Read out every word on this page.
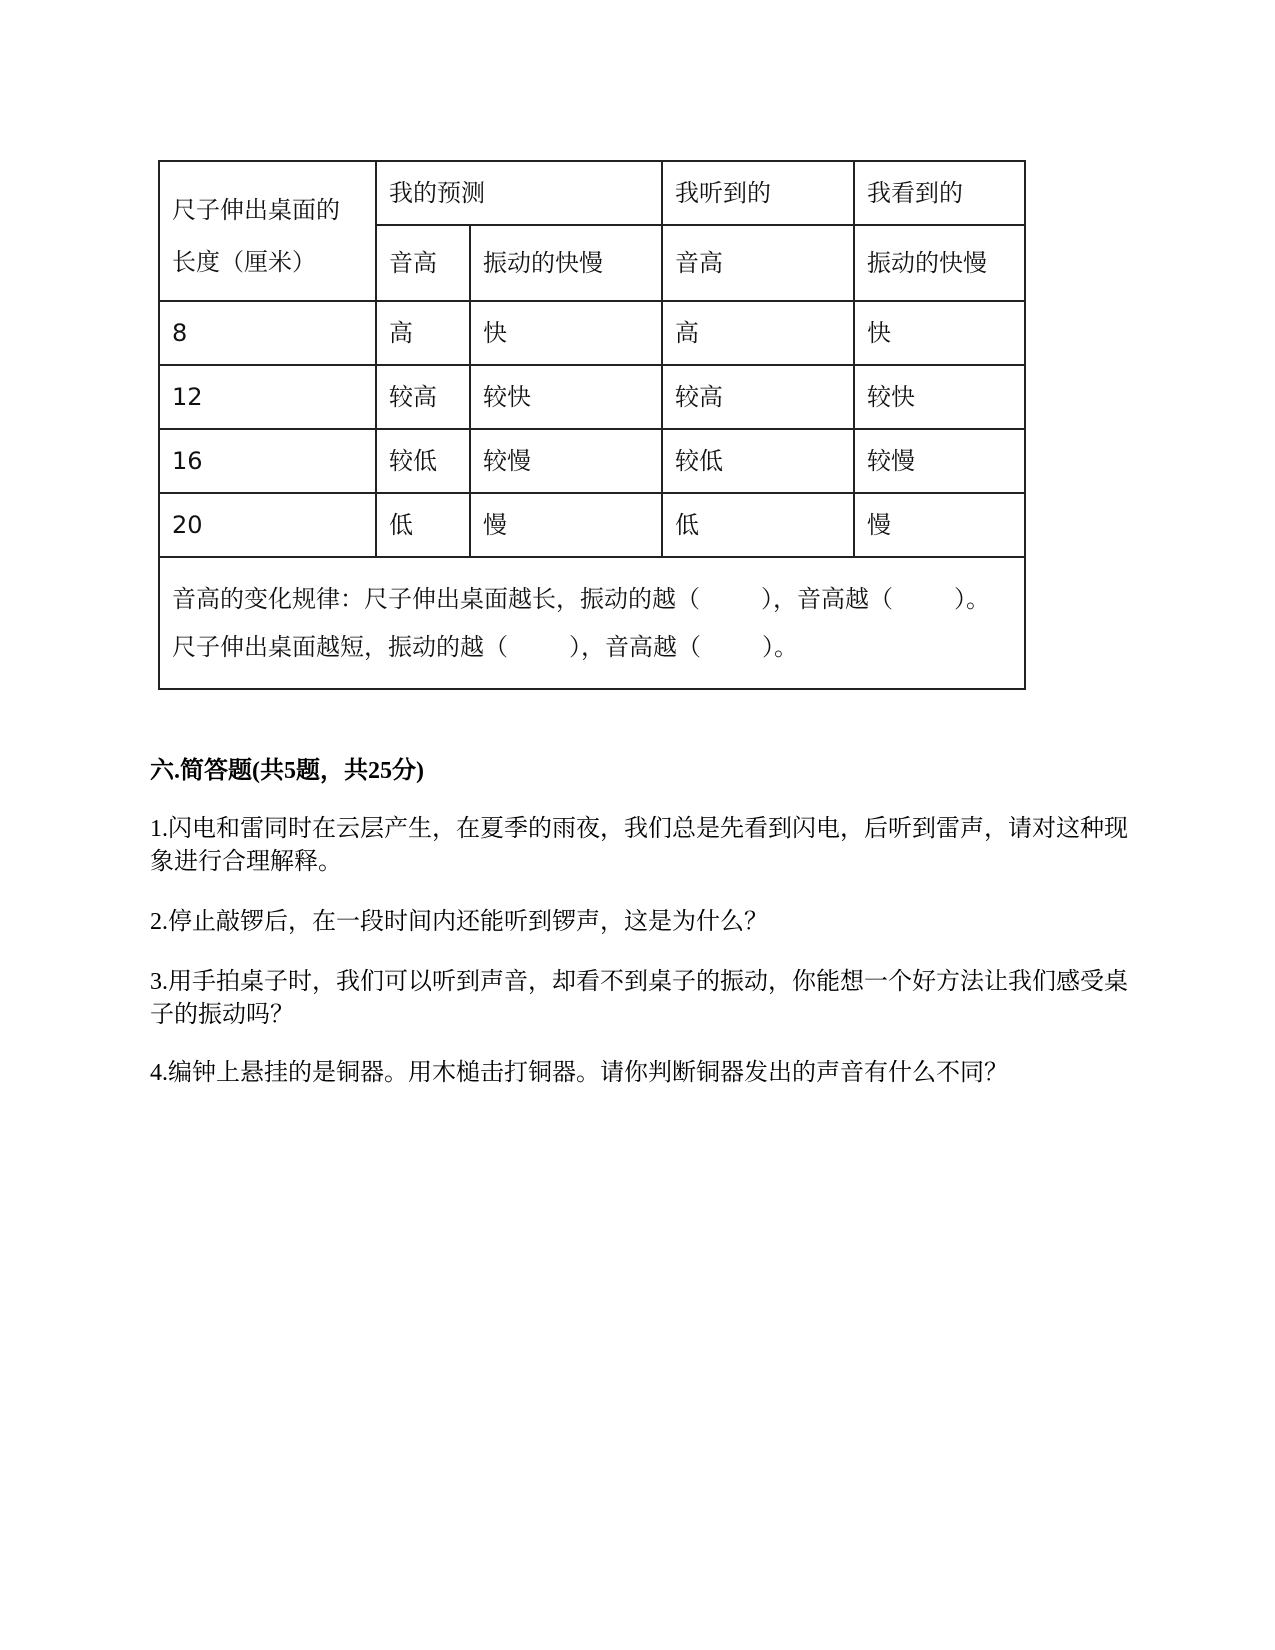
尺子伸出桌面的
长度（厘米）	我的预测		我听到的	我看到的
	音高	振动的快慢	音高	振动的快慢
8	高	快	高	快
12	较高	较快	较高	较快
16	较低	较慢	较低	较慢
20	低	慢	低	慢

音高的变化规律：尺子伸出桌面越长，振动的越（        ），音高越（        ）。
尺子伸出桌面越短，振动的越（        ），音高越（        ）。				
六.简答题(共5题，共25分)
1.闪电和雷同时在云层产生，在夏季的雨夜，我们总是先看到闪电，后听到雷声，请对这种现象进行合理解释。
2.停止敲锣后，在一段时间内还能听到锣声，这是为什么？
3.用手拍桌子时，我们可以听到声音，却看不到桌子的振动，你能想一个好方法让我们感受桌子的振动吗？
4.编钟上悬挂的是铜器。用木槌击打铜器。请你判断铜器发出的声音有什么不同？
